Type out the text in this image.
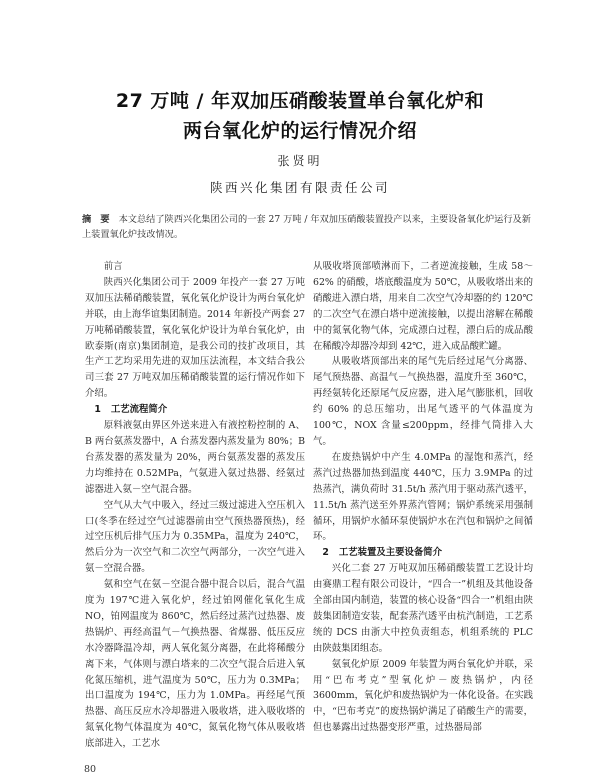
27 万吨 / 年双加压硝酸装置单台氧化炉和
两台氧化炉的运行情况介绍
张贤明
陕西兴化集团有限责任公司
摘 要 本文总结了陕西兴化集团公司的一套 27 万吨 / 年双加压硝酸装置投产以来，主要设备氧化炉运行及新上装置氧化炉技改情况。

前言

陕西兴化集团公司于 2009 年投产一套 27 万吨双加压法稀硝酸装置，氧化氧化炉设计为两台氧化炉并联，由上海华谊集团制造。2014 年新投产两套 27 万吨稀硝酸装置，氧化氧化炉设计为单台氧化炉，由欧泰斯(南京)集团制造，是我公司的技扩改项目，其生产工艺均采用先进的双加压法流程，本文结合我公司三套 27 万吨双加压稀硝酸装置的运行情况作如下介绍。

1 工艺流程简介

原料液氨由界区外送来进入有液控粉控制的 A、B 两台氨蒸发器中，A 台蒸发器内蒸发量为 80%；B 台蒸发器的蒸发量为 20%，两台氨蒸发器的蒸发压力均维持在 0.52MPa，气氨进入氨过热器、经氨过滤器进入氨－空气混合器。

空气从大气中吸入，经过三级过滤进入空压机入口(冬季在经过空气过滤器前由空气预热器预热)，经过空压机后排气压力为 0.35MPa，温度为 240℃，然后分为一次空气和二次空气两部分，一次空气进入氨－空混合器。

氨和空气在氨－空混合器中混合以后，混合气温度为 197℃进入氧化炉，经过铂网催化氧化生成 NO，铂网温度为 860℃，然后经过蒸汽过热器、废热锅炉、再经高温气－气换热器、省煤器、低压反应水冷器降温冷却，两人氧化氮分离器，在此将稀酸分离下来，气体则与漂白塔来的二次空气混合后进入氧化氮压缩机，进气温度为 50℃，压力为 0.3MPa；出口温度为 194℃，压力为 1.0MPa。再经尾气预热器、高压反应水冷却器进入吸收塔，进入吸收塔的氮氧化物气体温度为 40℃，氮氧化物气体从吸收塔底部进入，工艺水

从吸收塔顶部喷淋而下，二者逆流接触，生成 58～62% 的硝酸，塔底酸温度为 50℃，从吸收塔出来的硝酸进入漂白塔，用来自二次空气冷却器的约 120℃的二次空气在漂白塔中逆流接触，以提出溶解在稀酸中的氮氧化物气体，完成漂白过程，漂白后的成品酸在稀酸冷却器冷却到 42℃，进入成品酸贮罐。

从吸收塔顶部出来的尾气先后经过尾气分离器、尾气预热器、高温气－气换热器，温度升至 360℃，再经氨转化还原尾气反应器，进入尾气膨胀机，回收约 60% 的总压缩功，出尾气透平的气体温度为 100℃，NOX 含量≤200ppm，经排气筒排入大气。

在废热锅炉中产生 4.0MPa 的湿饱和蒸汽，经蒸汽过热器加热到温度 440℃，压力 3.9MPa 的过热蒸汽，满负荷时 31.5t/h 蒸汽用于驱动蒸汽透平，11.5t/h 蒸汽送至外界蒸汽管网；锅炉系统采用强制循环，用锅炉水循环泵使锅炉水在汽包和锅炉之间循环。

2 工艺装置及主要设备简介

兴化二套 27 万吨双加压稀硝酸装置工艺设计均由赛鼎工程有限公司设计，“四合一”机组及其他设备全部由国内制造，装置的核心设备“四合一”机组由陕鼓集团制造安装，配套蒸汽透平由杭汽制造，工艺系统的 DCS 由浙大中控负责组态，机组系统的 PLC 由陕鼓集团组态。

氨氧化炉原 2009 年装置为两台氧化炉并联，采用“巴布考克”型氧化炉－废热锅炉，内径 3600mm，氧化炉和废热锅炉为一体化设备。在实践中，“巴布考克”的废热锅炉满足了硝酸生产的需要，但也暴露出过热器变形严重，过热器局部

80
